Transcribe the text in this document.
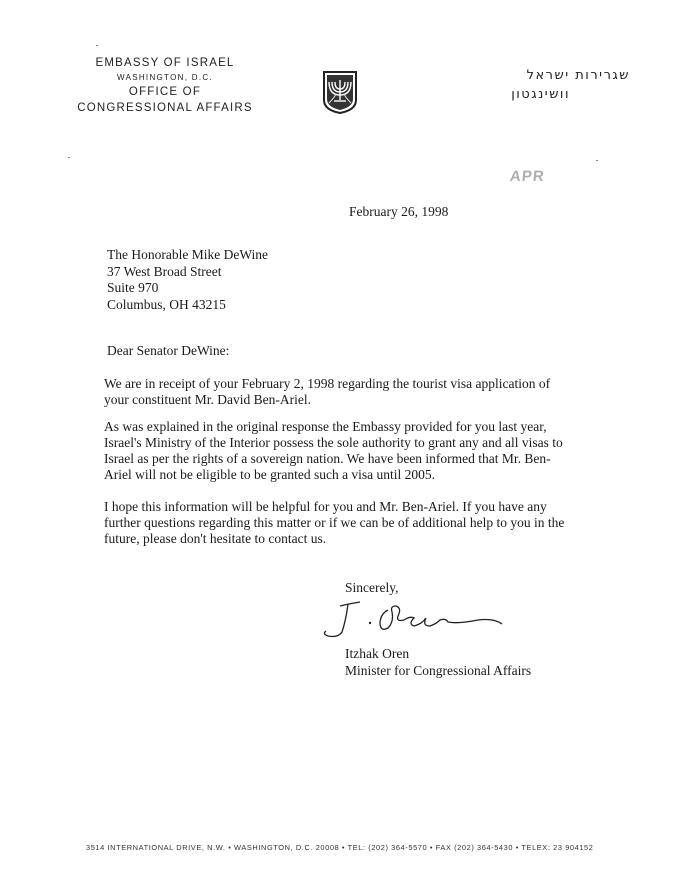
EMBASSY OF ISRAEL
WASHINGTON, D.C.
OFFICE OF
CONGRESSIONAL AFFAIRS
שגרירות ישראל
וושינגטון
APR
February 26, 1998
The Honorable Mike DeWine
37 West Broad Street
Suite 970
Columbus, OH 43215
Dear Senator DeWine:
We are in receipt of your February 2, 1998 regarding the tourist visa application of your constituent Mr. David Ben-Ariel.
As was explained in the original response the Embassy provided for you last year, Israel's Ministry of the Interior possess the sole authority to grant any and all visas to Israel as per the rights of a sovereign nation. We have been informed that Mr. Ben-Ariel will not be eligible to be granted such a visa until 2005.
I hope this information will be helpful for you and Mr. Ben-Ariel. If you have any further questions regarding this matter or if we can be of additional help to you in the future, please don't hesitate to contact us.
Sincerely,
Itzhak Oren
Minister for Congressional Affairs
3514 INTERNATIONAL DRIVE, N.W. • WASHINGTON, D.C. 20008 • TEL: (202) 364-5570 • FAX (202) 364-5430 • TELEX: 23 904152
